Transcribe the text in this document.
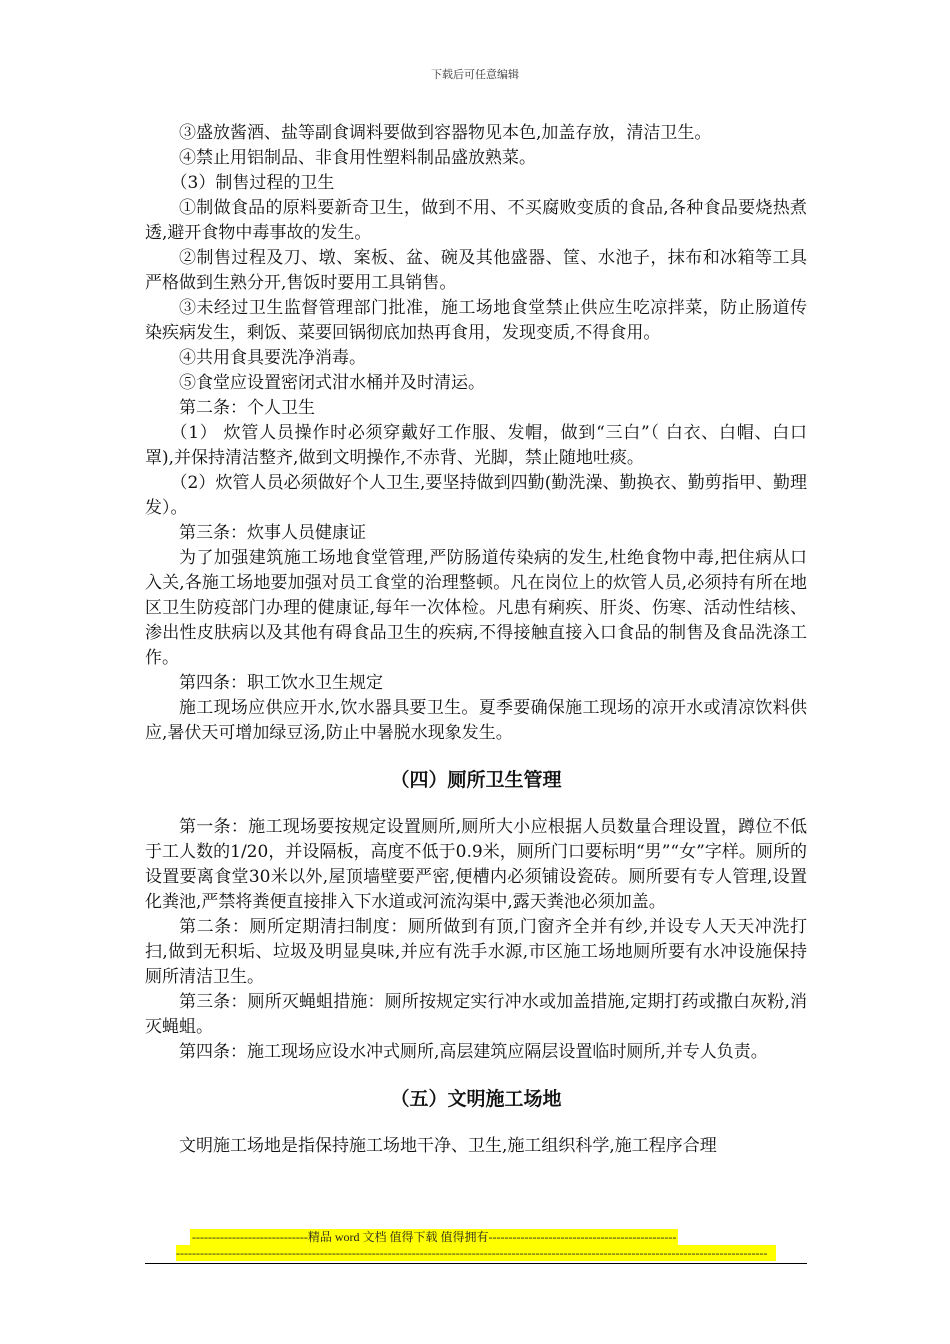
下载后可任意编辑

③盛放酱酒、盐等副食调料要做到容器物见本色,加盖存放，清洁卫生。

④禁止用铝制品、非食用性塑料制品盛放熟菜。

（3）制售过程的卫生

①制做食品的原料要新奇卫生，做到不用、不买腐败变质的食品,各种食品要烧热煮透,避开食物中毒事故的发生。

②制售过程及刀、墩、案板、盆、碗及其他盛器、筐、水池子，抹布和冰箱等工具严格做到生熟分开,售饭时要用工具销售。

③未经过卫生监督管理部门批准，施工场地食堂禁止供应生吃凉拌菜，防止肠道传染疾病发生，剩饭、菜要回锅彻底加热再食用，发现变质,不得食用。

④共用食具要洗净消毒。

⑤食堂应设置密闭式泔水桶并及时清运。

第二条：个人卫生

（1） 炊管人员操作时必须穿戴好工作服、发帽，做到“三白”（ 白衣、白帽、白口罩),并保持清洁整齐,做到文明操作,不赤背、光脚，禁止随地吐痰。

（2）炊管人员必须做好个人卫生,要坚持做到四勤(勤洗澡、勤换衣、勤剪指甲、勤理发）。

第三条：炊事人员健康证

为了加强建筑施工场地食堂管理,严防肠道传染病的发生,杜绝食物中毒,把住病从口入关,各施工场地要加强对员工食堂的治理整顿。凡在岗位上的炊管人员,必须持有所在地区卫生防疫部门办理的健康证,每年一次体检。凡患有痢疾、肝炎、伤寒、活动性结核、渗出性皮肤病以及其他有碍食品卫生的疾病,不得接触直接入口食品的制售及食品洗涤工作。

第四条：职工饮水卫生规定

施工现场应供应开水,饮水器具要卫生。夏季要确保施工现场的凉开水或清凉饮料供应,暑伏天可增加绿豆汤,防止中暑脱水现象发生。

（四）厕所卫生管理

第一条：施工现场要按规定设置厕所,厕所大小应根据人员数量合理设置，蹲位不低于工人数的1/20，并设隔板，高度不低于0.9米，厕所门口要标明“男”“女”字样。厕所的设置要离食堂30米以外,屋顶墙壁要严密,便槽内必须铺设瓷砖。厕所要有专人管理,设置化粪池,严禁将粪便直接排入下水道或河流沟渠中,露天粪池必须加盖。

第二条：厕所定期清扫制度：厕所做到有顶,门窗齐全并有纱,并设专人天天冲洗打扫,做到无积垢、垃圾及明显臭味,并应有洗手水源,市区施工场地厕所要有水冲设施保持厕所清洁卫生。

第三条：厕所灭蝇蛆措施：厕所按规定实行冲水或加盖措施,定期打药或撒白灰粉,消灭蝇蛆。

第四条：施工现场应设水冲式厕所,高层建筑应隔层设置临时厕所,并专人负责。

（五）文明施工场地

文明施工场地是指保持施工场地干净、卫生,施工组织科学,施工程序合理

-----------------------------精品 word 文档 值得下载 值得拥有-----------------------------------------------
----------------------------------------------------------------------------------------------------------------------------------------------------
